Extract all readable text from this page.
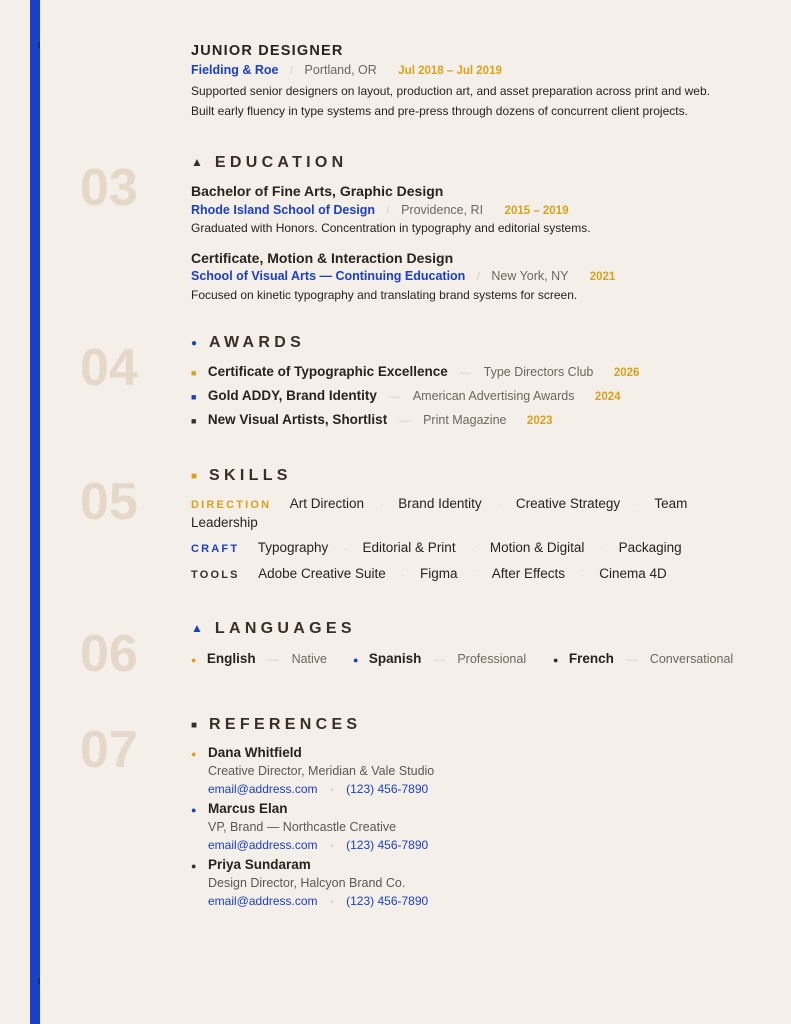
JUNIOR DESIGNER
Fielding & Roe / Portland, OR Jul 2018 – Jul 2019
Supported senior designers on layout, production art, and asset preparation across print and web.
Built early fluency in type systems and pre-press through dozens of concurrent client projects.
03	▲ EDUCATION
Bachelor of Fine Arts, Graphic Design
Rhode Island School of Design / Providence, RI 2015 – 2019
Graduated with Honors. Concentration in typography and editorial systems.
Certificate, Motion & Interaction Design
School of Visual Arts — Continuing Education / New York, NY 2021
Focused on kinetic typography and translating brand systems for screen.
04	● AWARDS
■ Certificate of Typographic Excellence — Type Directors Club 2026
■ Gold ADDY, Brand Identity — American Advertising Awards 2024
■ New Visual Artists, Shortlist — Print Magazine 2023
05	■ SKILLS
DIRECTION Art Direction · Brand Identity · Creative Strategy · Team
Leadership
CRAFT Typography · Editorial & Print · Motion & Digital · Packaging
TOOLS Adobe Creative Suite · Figma · After Effects · Cinema 4D
06	▲ LANGUAGES
● English — Native	● Spanish — Professional	● French — Conversational
07	■ REFERENCES
● Dana Whitfield
Creative Director, Meridian & Vale Studio
email@address.com · (123) 456-7890
● Marcus Elan
VP, Brand — Northcastle Creative
email@address.com · (123) 456-7890
● Priya Sundaram
Design Director, Halcyon Brand Co.
email@address.com · (123) 456-7890
